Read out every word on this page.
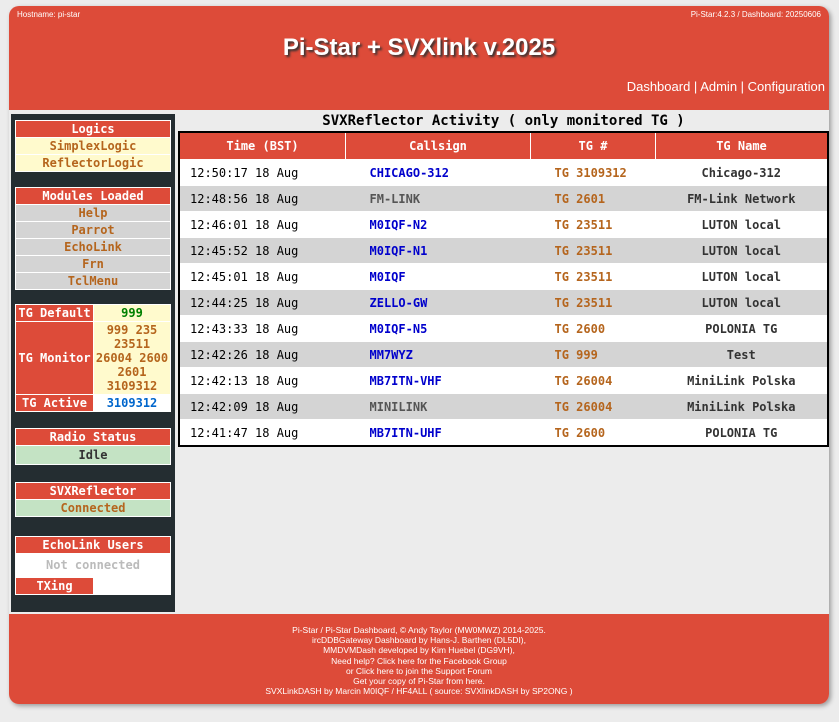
Hostname: pi-star	Pi-Star:4.2.3 / Dashboard: 20250606
Pi-Star + SVXlink v.2025
Dashboard | Admin | Configuration
Logics
SimplexLogic
ReflectorLogic
Modules Loaded
Help
Parrot
EchoLink
Frn
TclMenu
TG Default	999
TG Monitor	999 235 23511 26004 2600 2601 3109312
TG Active	3109312
Radio Status
Idle
SVXReflector
Connected
EchoLink Users
Not connected
TXing	
SVXReflector Activity ( only monitored TG )
Time (BST)	Callsign	TG #	TG Name
12:50:17 18 Aug	CHICAGO-312	TG 3109312	Chicago-312
12:48:56 18 Aug	FM-LINK	TG 2601	FM-Link Network
12:46:01 18 Aug	M0IQF-N2	TG 23511	LUTON local
12:45:52 18 Aug	M0IQF-N1	TG 23511	LUTON local
12:45:01 18 Aug	M0IQF	TG 23511	LUTON local
12:44:25 18 Aug	ZELLO-GW	TG 23511	LUTON local
12:43:33 18 Aug	M0IQF-N5	TG 2600	POLONIA TG
12:42:26 18 Aug	MM7WYZ	TG 999	Test
12:42:13 18 Aug	MB7ITN-VHF	TG 26004	MiniLink Polska
12:42:09 18 Aug	MINILINK	TG 26004	MiniLink Polska
12:41:47 18 Aug	MB7ITN-UHF	TG 2600	POLONIA TG
Pi-Star / Pi-Star Dashboard, © Andy Taylor (MW0MWZ) 2014-2025.
ircDDBGateway Dashboard by Hans-J. Barthen (DL5DI),
MMDVMDash developed by Kim Huebel (DG9VH),
Need help? Click here for the Facebook Group
or Click here to join the Support Forum
Get your copy of Pi-Star from here.
SVXLinkDASH by Marcin M0IQF / HF4ALL ( source: SVXlinkDASH by SP2ONG )
